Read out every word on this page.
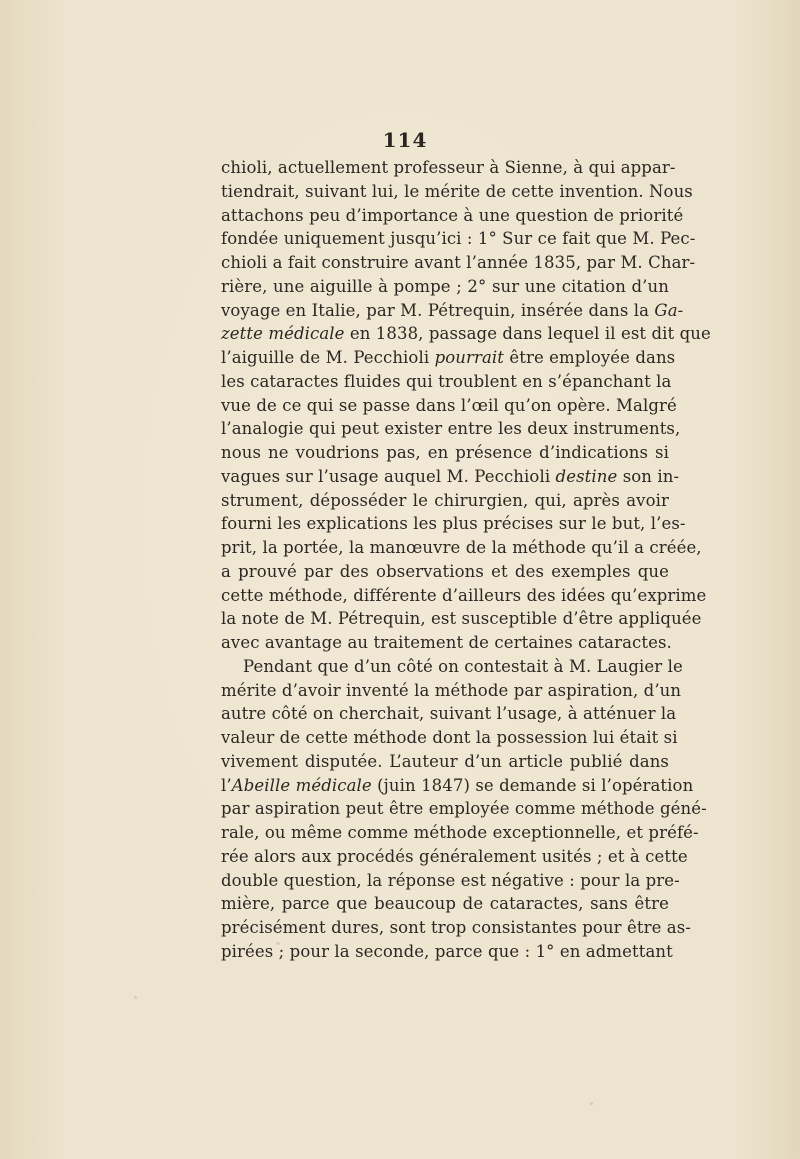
114
chioli, actuellement professeur à Sienne, à qui appar-
tiendrait, suivant lui, le mérite de cette invention. Nous
attachons peu d’importance à une question de priorité
fondée uniquement jusqu’ici : 1° Sur ce fait que M. Pec-
chioli a fait construire avant l’année 1835, par M. Char-
rière, une aiguille à pompe ; 2° sur une citation d’un
voyage en Italie, par M. Pétrequin, insérée dans la Ga-
zette médicale en 1838, passage dans lequel il est dit que
l’aiguille de M. Pecchioli pourrait être employée dans
les cataractes fluides qui troublent en s’épanchant la
vue de ce qui se passe dans l’œil qu’on opère. Malgré
l’analogie qui peut exister entre les deux instruments,
nous ne voudrions pas, en présence d’indications si
vagues sur l’usage auquel M. Pecchioli destine son in-
strument, déposséder le chirurgien, qui, après avoir
fourni les explications les plus précises sur le but, l’es-
prit, la portée, la manœuvre de la méthode qu’il a créée,
a prouvé par des observations et des exemples que
cette méthode, différente d’ailleurs des idées qu’exprime
la note de M. Pétrequin, est susceptible d’être appliquée
avec avantage au traitement de certaines cataractes.
Pendant que d’un côté on contestait à M. Laugier le
mérite d’avoir inventé la méthode par aspiration, d’un
autre côté on cherchait, suivant l’usage, à atténuer la
valeur de cette méthode dont la possession lui était si
vivement disputée. L’auteur d’un article publié dans
l’Abeille médicale (juin 1847) se demande si l’opération
par aspiration peut être employée comme méthode géné-
rale, ou même comme méthode exceptionnelle, et préfé-
rée alors aux procédés généralement usités ; et à cette
double question, la réponse est négative : pour la pre-
mière, parce que beaucoup de cataractes, sans être
précisément dures, sont trop consistantes pour être as-
pirées ; pour la seconde, parce que : 1° en admettant
